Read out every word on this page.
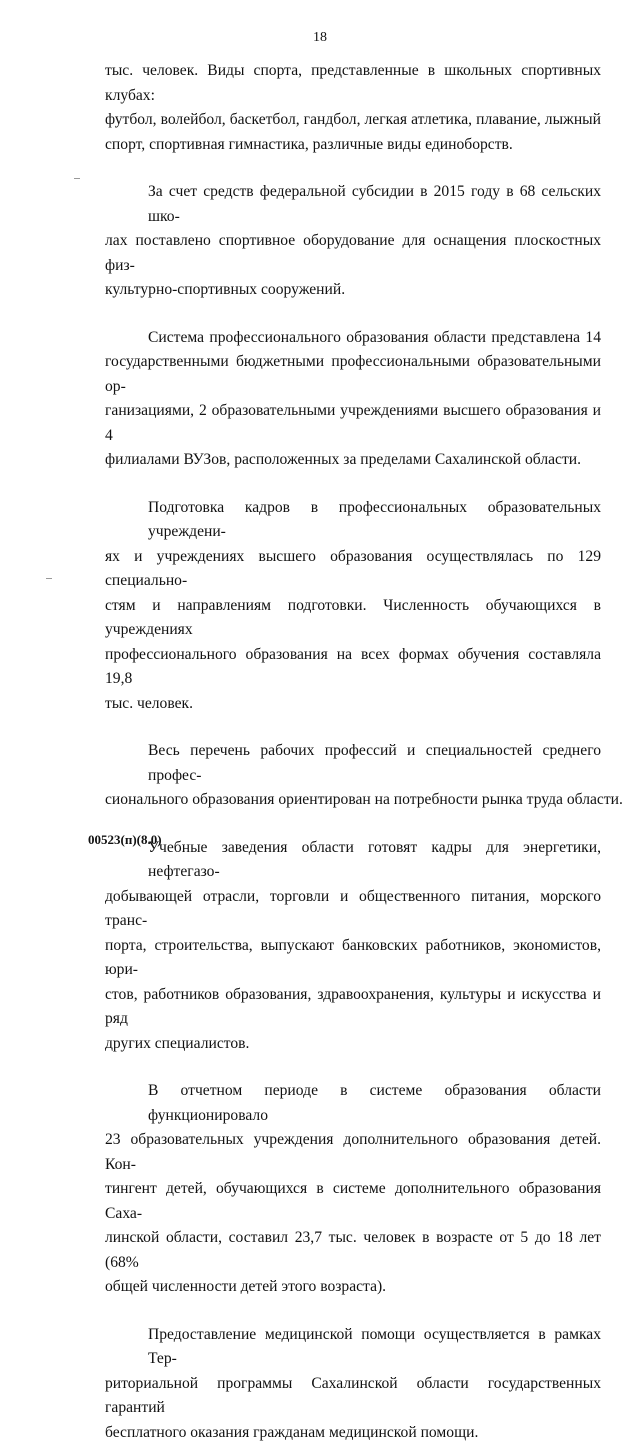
18
тыс. человек. Виды спорта, представленные в школьных спортивных клубах:
футбол, волейбол, баскетбол, гандбол, легкая атлетика, плавание, лыжный
спорт, спортивная гимнастика, различные виды единоборств.
За счет средств федеральной субсидии в 2015 году в 68 сельских шко-
лах поставлено спортивное оборудование для оснащения плоскостных физ-
культурно-спортивных сооружений.
Система профессионального образования области представлена 14
государственными бюджетными профессиональными образовательными ор-
ганизациями, 2 образовательными учреждениями высшего образования и 4
филиалами ВУЗов, расположенных за пределами Сахалинской области.
Подготовка кадров в профессиональных образовательных учреждени-
ях и учреждениях высшего образования осуществлялась по 129 специально-
стям и направлениям подготовки. Численность обучающихся в учреждениях
профессионального образования на всех формах обучения составляла 19,8
тыс. человек.
Весь перечень рабочих профессий и специальностей среднего профес-
сионального образования ориентирован на потребности рынка труда области.
Учебные заведения области готовят кадры для энергетики, нефтегазо-
добывающей отрасли, торговли и общественного питания, морского транс-
порта, строительства, выпускают банковских работников, экономистов, юри-
стов, работников образования, здравоохранения, культуры и искусства и ряд
других специалистов.
В отчетном периоде в системе образования области функционировало
23 образовательных учреждения дополнительного образования детей. Кон-
тингент детей, обучающихся в системе дополнительного образования Саха-
линской области, составил 23,7 тыс. человек в возрасте от 5 до 18 лет (68%
общей численности детей этого возраста).
Предоставление медицинской помощи осуществляется в рамках Тер-
риториальной программы Сахалинской области государственных гарантий
бесплатного оказания гражданам медицинской помощи.
00523(п)(8.0)
